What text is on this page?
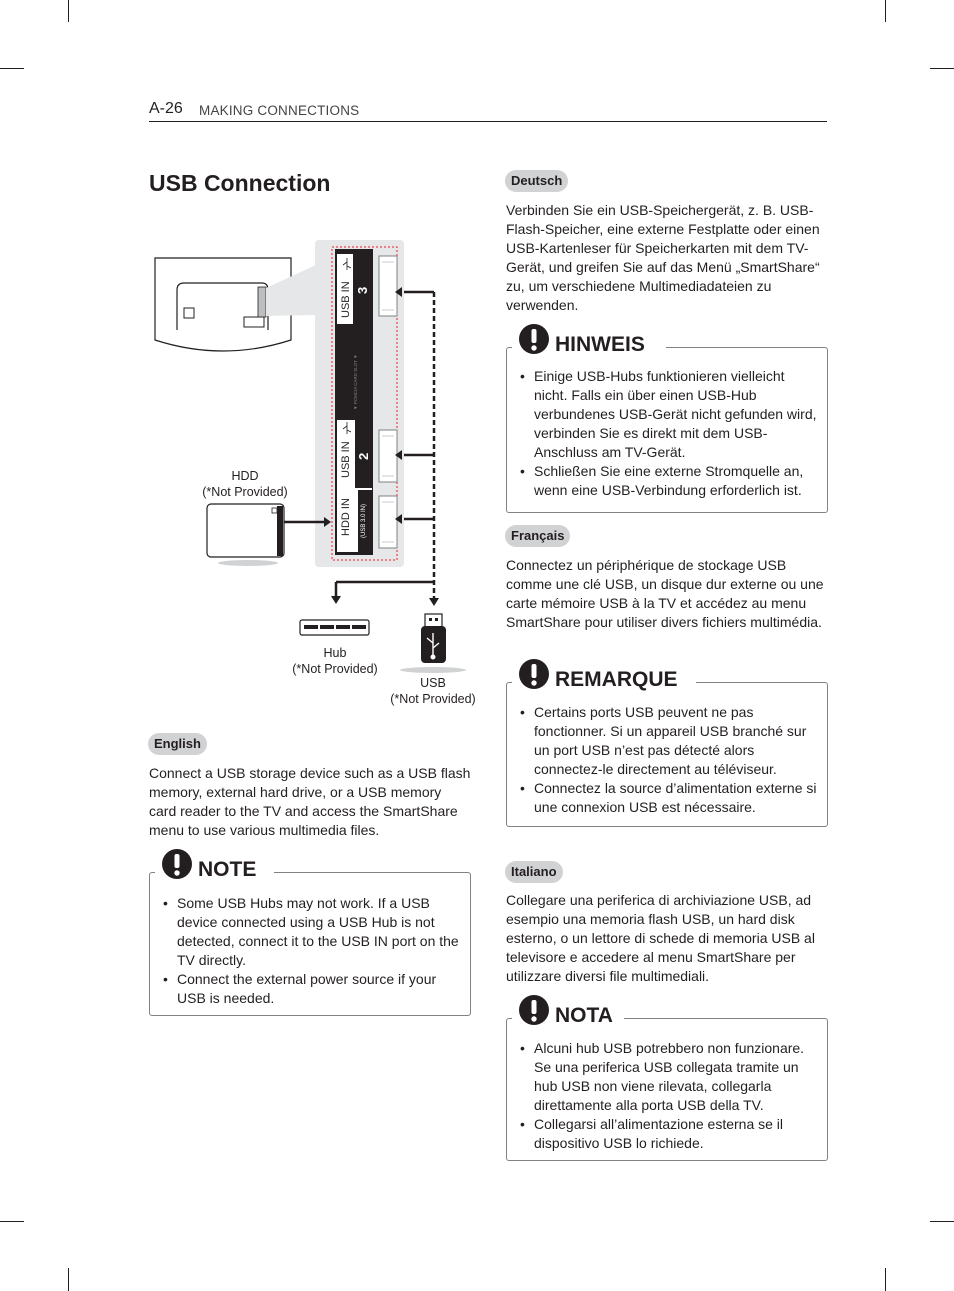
A-26 MAKING CONNECTIONS
USB Connection
USB IN 3
▼ PCMCIA CARD SLOT ▼
USB IN 2
HDD IN (USB 3.0 IN)
1
HDD
(*Not Provided)
Hub
(*Not Provided)
USB
(*Not Provided)
English
Connect a USB storage device such as a USB flash memory, external hard drive, or a USB memory card reader to the TV and access the SmartShare menu to use various multimedia files.
NOTE
• Some USB Hubs may not work. If a USB device connected using a USB Hub is not detected, connect it to the USB IN port on the TV directly.
• Connect the external power source if your USB is needed.
Deutsch
Verbinden Sie ein USB-Speichergerät, z. B. USB-Flash-Speicher, eine externe Festplatte oder einen USB-Kartenleser für Speicherkarten mit dem TV-Gerät, und greifen Sie auf das Menü „SmartShare“ zu, um verschiedene Multimediadateien zu verwenden.
HINWEIS
• Einige USB-Hubs funktionieren vielleicht nicht. Falls ein über einen USB-Hub verbundenes USB-Gerät nicht gefunden wird, verbinden Sie es direkt mit dem USB-Anschluss am TV-Gerät.
• Schließen Sie eine externe Stromquelle an, wenn eine USB-Verbindung erforderlich ist.
Français
Connectez un périphérique de stockage USB comme une clé USB, un disque dur externe ou une carte mémoire USB à la TV et accédez au menu SmartShare pour utiliser divers fichiers multimédia.
REMARQUE
• Certains ports USB peuvent ne pas fonctionner. Si un appareil USB branché sur un port USB n’est pas détecté alors connectez-le directement au téléviseur.
• Connectez la source d’alimentation externe si une connexion USB est nécessaire.
Italiano
Collegare una periferica di archiviazione USB, ad esempio una memoria flash USB, un hard disk esterno, o un lettore di schede di memoria USB al televisore e accedere al menu SmartShare per utilizzare diversi file multimediali.
NOTA
• Alcuni hub USB potrebbero non funzionare. Se una periferica USB collegata tramite un hub USB non viene rilevata, collegarla direttamente alla porta USB della TV.
• Collegarsi all’alimentazione esterna se il dispositivo USB lo richiede.
